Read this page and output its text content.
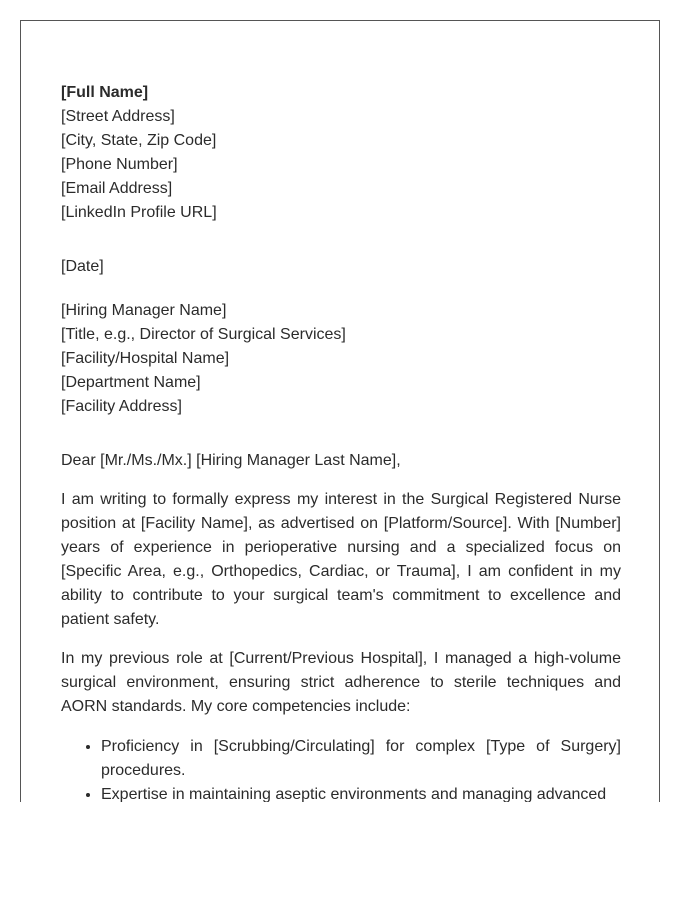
[Full Name]
[Street Address]
[City, State, Zip Code]
[Phone Number]
[Email Address]
[LinkedIn Profile URL]
[Date]
[Hiring Manager Name]
[Title, e.g., Director of Surgical Services]
[Facility/Hospital Name]
[Department Name]
[Facility Address]
Dear [Mr./Ms./Mx.] [Hiring Manager Last Name],

I am writing to formally express my interest in the Surgical Registered Nurse position at [Facility Name], as advertised on [Platform/Source]. With [Number] years of experience in perioperative nursing and a specialized focus on [Specific Area, e.g., Orthopedics, Cardiac, or Trauma], I am confident in my ability to contribute to your surgical team's commitment to excellence and patient safety.

In my previous role at [Current/Previous Hospital], I managed a high-volume surgical environment, ensuring strict adherence to sterile techniques and AORN standards. My core competencies include:

• Proficiency in [Scrubbing/Circulating] for complex [Type of Surgery] procedures.
• Expertise in maintaining aseptic environments and managing advanced
